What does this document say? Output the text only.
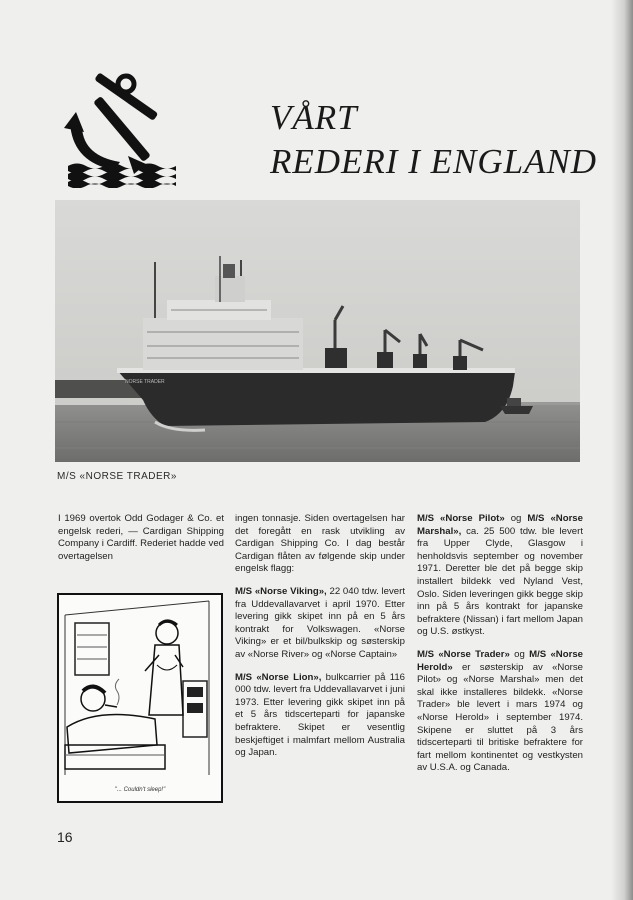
VÅRT
REDERI I ENGLAND
NORSE TRADER
M/S «NORSE TRADER»

I 1969 overtok Odd Godager & Co. et engelsk rederi, — Cardigan Shipping Company i Cardiff. Rederiet hadde ved overtagelsen

"... Couldn't sleep!"

ingen tonnasje. Siden overtagelsen har det foregått en rask utvikling av Cardigan Shipping Co. I dag består Cardigan flåten av følgende skip under engelsk flagg:

M/S «Norse Viking», 22 040 tdw. levert fra Uddevallavarvet i april 1970. Etter levering gikk skipet inn på en 5 års kontrakt for Volkswagen. «Norse Viking» er et bil/bulkskip og søsterskip av «Norse River» og «Norse Captain»

M/S «Norse Lion», bulkcarrier på 116 000 tdw. levert fra Uddevallavarvet i juni 1973. Etter levering gikk skipet inn på et 5 års tidscerteparti for japanske befraktere. Skipet er vesentlig beskjeftiget i malmfart mellom Australia og Japan.

M/S «Norse Pilot» og M/S «Norse Marshal», ca. 25 500 tdw. ble levert fra Upper Clyde, Glasgow i henholdsvis september og november 1971. Deretter ble det på begge skip installert bildekk ved Nyland Vest, Oslo. Siden leveringen gikk begge skip inn på 5 års kontrakt for japanske befraktere (Nissan) i fart mellom Japan og U.S. østkyst.

M/S «Norse Trader» og M/S «Norse Herold» er søsterskip av «Norse Pilot» og «Norse Marshal» men det skal ikke installeres bildekk. «Norse Trader» ble levert i mars 1974 og «Norse Herold» i september 1974. Skipene er sluttet på 3 års tidscerteparti til britiske befraktere for fart mellom kontinentet og vestkysten av U.S.A. og Canada.

16
